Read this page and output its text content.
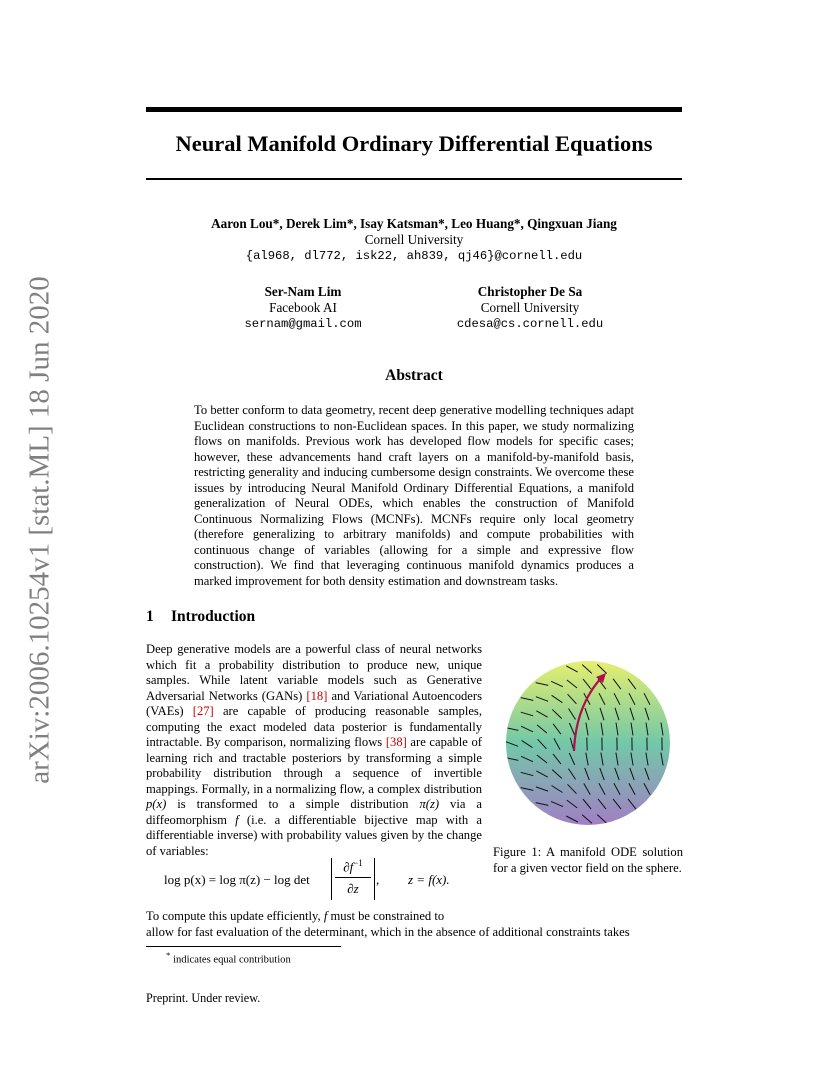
arXiv:2006.10254v1 [stat.ML] 18 Jun 2020
Neural Manifold Ordinary Differential Equations
Aaron Lou*, Derek Lim*, Isay Katsman*, Leo Huang*, Qingxuan Jiang
Cornell University
{al968, dl772, isk22, ah839, qj46}@cornell.edu
Ser-Nam Lim
Facebook AI
sernam@gmail.com
Christopher De Sa
Cornell University
cdesa@cs.cornell.edu
Abstract
To better conform to data geometry, recent deep generative modelling techniques adapt Euclidean constructions to non-Euclidean spaces. In this paper, we study normalizing flows on manifolds. Previous work has developed flow models for specific cases; however, these advancements hand craft layers on a manifold-by-manifold basis, restricting generality and inducing cumbersome design constraints. We overcome these issues by introducing Neural Manifold Ordinary Differential Equations, a manifold generalization of Neural ODEs, which enables the construction of Manifold Continuous Normalizing Flows (MCNFs). MCNFs require only local geometry (therefore generalizing to arbitrary manifolds) and compute probabilities with continuous change of variables (allowing for a simple and expressive flow construction). We find that leveraging continuous manifold dynamics produces a marked improvement for both density estimation and downstream tasks.
1 Introduction
Deep generative models are a powerful class of neural networks which fit a probability distribution to produce new, unique samples. While latent variable models such as Generative Adversarial Networks (GANs) [18] and Variational Autoencoders (VAEs) [27] are capable of producing reasonable samples, computing the exact modeled data posterior is fundamentally intractable. By comparison, normalizing flows [38] are capable of learning rich and tractable posteriors by transforming a simple probability distribution through a sequence of invertible mappings. Formally, in a normalizing flow, a complex distribution p(x) is transformed to a simple distribution π(z) via a diffeomorphism f (i.e. a differentiable bijective map with a differentiable inverse) with probability values given by the change of variables:
log p(x) = log π(z) − log det
$\partial f^{-1}$
∂z
, z = f(x).
To compute this update efficiently, f must be constrained to
allow for fast evaluation of the determinant, which in the absence of additional constraints takes
Figure 1: A manifold ODE solution for a given vector field on the sphere.
* indicates equal contribution
Preprint. Under review.
